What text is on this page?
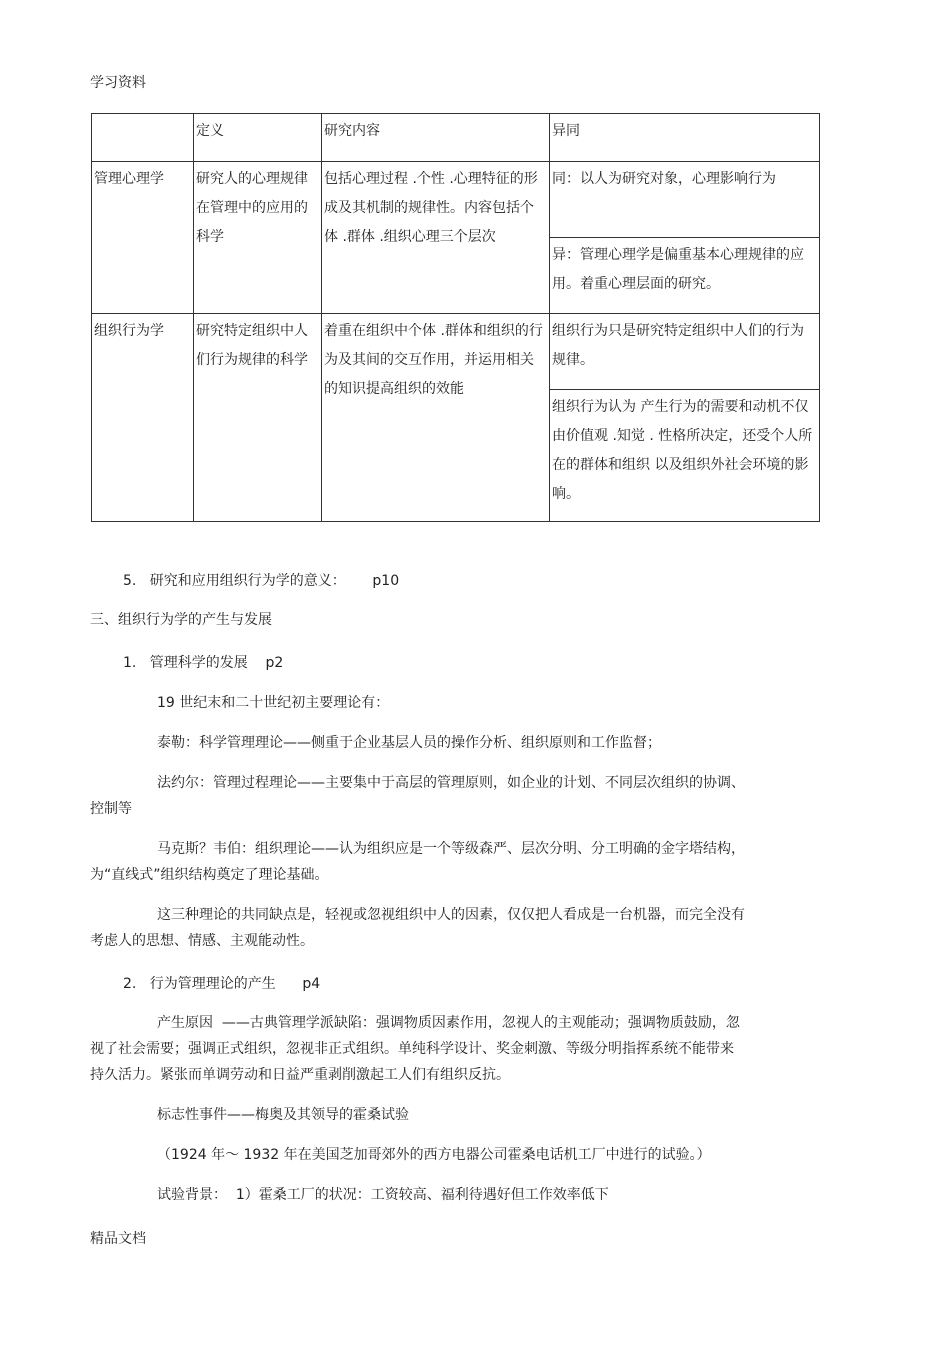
学习资料
	定义	研究内容	异同
管理心理学	研究人的心理规律在管理中的应用的科学	包括心理过程 .个性 .心理特征的形成及其机制的规律性。内容包括个体 .群体 .组织心理三个层次	同：以人为研究对象，心理影响行为
			异：管理心理学是偏重基本心理规律的应用。着重心理层面的研究。
组织行为学	研究特定组织中人们行为规律的科学	着重在组织中个体 .群体和组织的行为及其间的交互作用，并运用相关的知识提高组织的效能	组织行为只是研究特定组织中人们的行为规律。
			组织行为认为 产生行为的需要和动机不仅由价值观 .知觉 . 性格所决定，还受个人所在的群体和组织 以及组织外社会环境的影响。
5.   研究和应用组织行为学的意义：      p10
三、组织行为学的产生与发展
1.   管理科学的发展    p2
19 世纪末和二十世纪初主要理论有：
泰勒：科学管理理论——侧重于企业基层人员的操作分析、组织原则和工作监督；
法约尔：管理过程理论——主要集中于高层的管理原则，如企业的计划、不同层次组织的协调、
控制等
马克斯？韦伯：组织理论——认为组织应是一个等级森严、层次分明、分工明确的金字塔结构，
为“直线式”组织结构奠定了理论基础。
这三种理论的共同缺点是，轻视或忽视组织中人的因素，仅仅把人看成是一台机器，而完全没有
考虑人的思想、情感、主观能动性。
2.   行为管理理论的产生      p4
产生原因  ——古典管理学派缺陷：强调物质因素作用，忽视人的主观能动；强调物质鼓励，忽
视了社会需要；强调正式组织，忽视非正式组织。单纯科学设计、奖金刺激、等级分明指挥系统不能带来
持久活力。紧张而单调劳动和日益严重剥削激起工人们有组织反抗。
标志性事件——梅奥及其领导的霍桑试验
（1924 年～ 1932 年在美国芝加哥郊外的西方电器公司霍桑电话机工厂中进行的试验。）
试验背景：  1）霍桑工厂的状况：工资较高、福利待遇好但工作效率低下
精品文档
